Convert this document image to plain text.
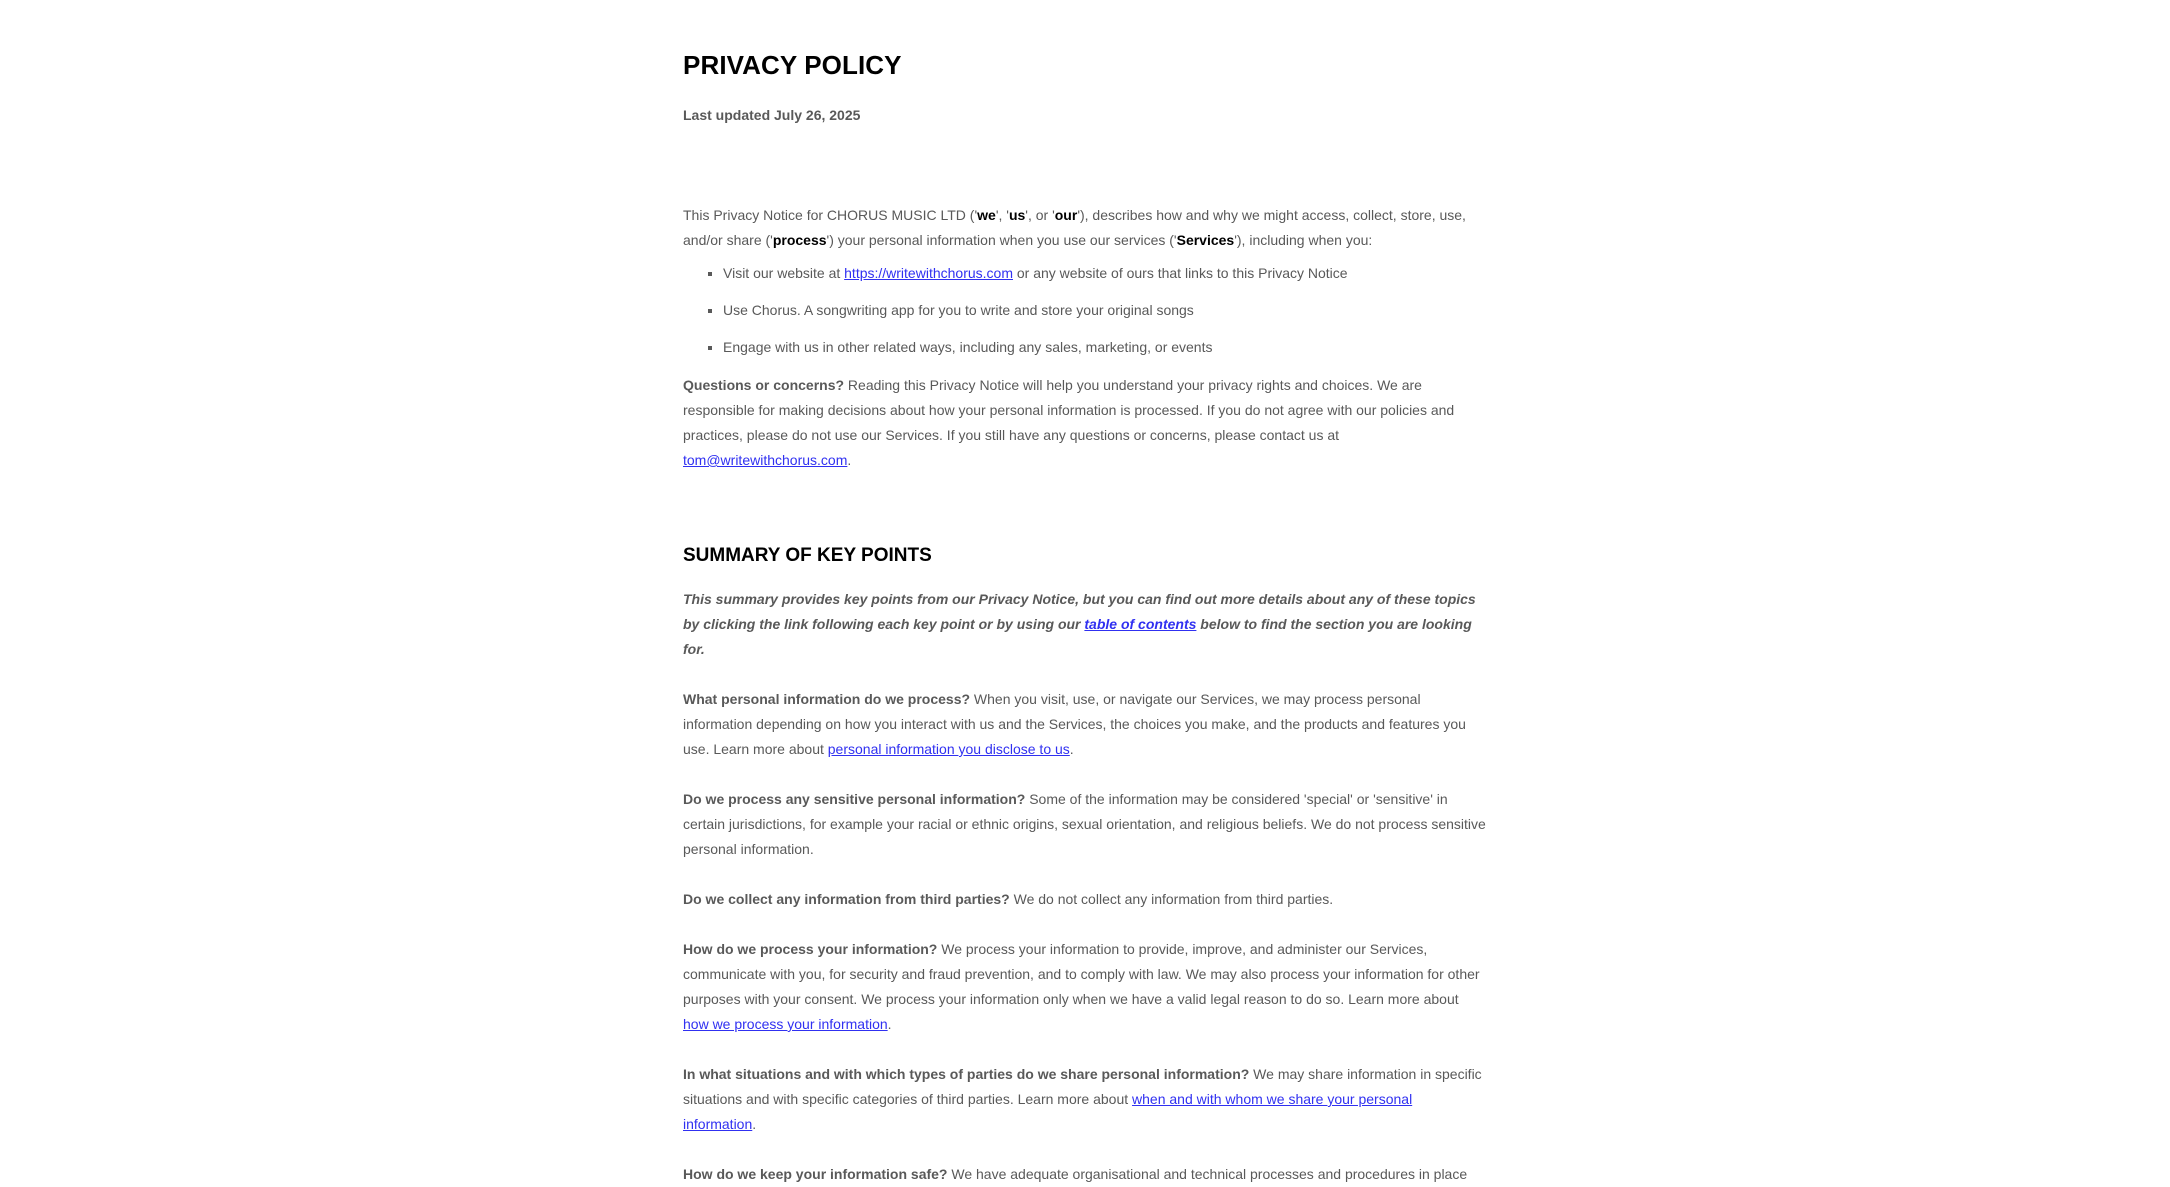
PRIVACY POLICY

Last updated July 26, 2025

This Privacy Notice for CHORUS MUSIC LTD ('we', 'us', or 'our'), describes how and why we might access, collect, store, use, and/or share ('process') your personal information when you use our services ('Services'), including when you:

▪ Visit our website at https://writewithchorus.com or any website of ours that links to this Privacy Notice
▪ Use Chorus. A songwriting app for you to write and store your original songs
▪ Engage with us in other related ways, including any sales, marketing, or events

Questions or concerns? Reading this Privacy Notice will help you understand your privacy rights and choices. We are responsible for making decisions about how your personal information is processed. If you do not agree with our policies and practices, please do not use our Services. If you still have any questions or concerns, please contact us at tom@writewithchorus.com.

SUMMARY OF KEY POINTS

This summary provides key points from our Privacy Notice, but you can find out more details about any of these topics by clicking the link following each key point or by using our table of contents below to find the section you are looking for.

What personal information do we process? When you visit, use, or navigate our Services, we may process personal information depending on how you interact with us and the Services, the choices you make, and the products and features you use. Learn more about personal information you disclose to us.

Do we process any sensitive personal information? Some of the information may be considered 'special' or 'sensitive' in certain jurisdictions, for example your racial or ethnic origins, sexual orientation, and religious beliefs. We do not process sensitive personal information.

Do we collect any information from third parties? We do not collect any information from third parties.

How do we process your information? We process your information to provide, improve, and administer our Services, communicate with you, for security and fraud prevention, and to comply with law. We may also process your information for other purposes with your consent. We process your information only when we have a valid legal reason to do so. Learn more about how we process your information.

In what situations and with which types of parties do we share personal information? We may share information in specific situations and with specific categories of third parties. Learn more about when and with whom we share your personal information.

How do we keep your information safe? We have adequate organisational and technical processes and procedures in place
